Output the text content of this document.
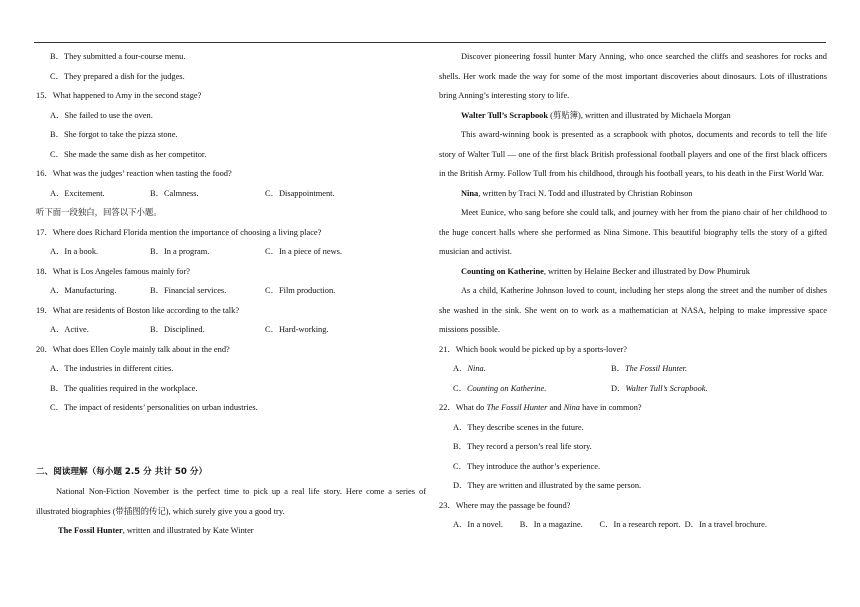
B．They submitted a four-course menu.
C．They prepared a dish for the judges.
15．What happened to Amy in the second stage?
A．She failed to use the oven.
B．She forgot to take the pizza stone.
C．She made the same dish as her competitor.
16．What was the judges’ reaction when tasting the food?
A．Excitement.	B．Calmness.	C．Disappointment.
听下面一段独白，回答以下小题。
17．Where does Richard Florida mention the importance of choosing a living place?
A．In a book.	B．In a program.	C．In a piece of news.
18．What is Los Angeles famous mainly for?
A．Manufacturing.	B．Financial services.	C．Film production.
19．What are residents of Boston like according to the talk?
A．Active.	B．Disciplined.	C．Hard-working.
20．What does Ellen Coyle mainly talk about in the end?
A．The industries in different cities.
B．The qualities required in the workplace.
C．The impact of residents’ personalities on urban industries.
二、阅读理解（每小题 2.5 分 共计 50 分）
National Non-Fiction November is the perfect time to pick up a real life story. Here come a series of illustrated biographies (带插图的传记), which surely give you a good try.
The Fossil Hunter, written and illustrated by Kate Winter
Discover pioneering fossil hunter Mary Anning, who once searched the cliffs and seashores for rocks and shells. Her work made the way for some of the most important discoveries about dinosaurs. Lots of illustrations bring Anning’s interesting story to life.
Walter Tull’s Scrapbook (剪贴簿), written and illustrated by Michaela Morgan
This award-winning book is presented as a scrapbook with photos, documents and records to tell the life story of Walter Tull — one of the first black British professional football players and one of the first black officers in the British Army. Follow Tull from his childhood, through his football years, to his death in the First World War.
Nina, written by Traci N. Todd and illustrated by Christian Robinson
Meet Eunice, who sang before she could talk, and journey with her from the piano chair of her childhood to the huge concert halls where she performed as Nina Simone. This beautiful biography tells the story of a gifted musician and activist.
Counting on Katherine, written by Helaine Becker and illustrated by Dow Phumiruk
As a child, Katherine Johnson loved to count, including her steps along the street and the number of dishes she washed in the sink. She went on to work as a mathematician at NASA, helping to make impressive space missions possible.
21．Which book would be picked up by a sports-lover?
A．Nina.	B．The Fossil Hunter.
C．Counting on Katherine.	D．Walter Tull’s Scrapbook.
22．What do The Fossil Hunter and Nina have in common?
A．They describe scenes in the future.
B．They record a person’s real life story.
C．They introduce the author’s experience.
D．They are written and illustrated by the same person.
23．Where may the passage be found?
A．In a novel.        B．In a magazine.        C．In a research report.  D．In a travel brochure.
